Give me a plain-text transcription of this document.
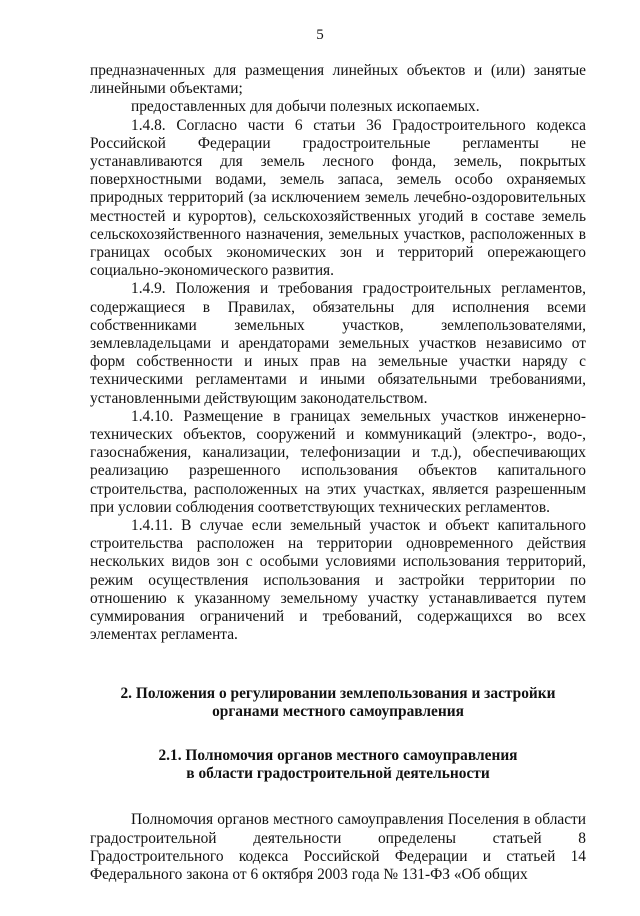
5

предназначенных для размещения линейных объектов и (или) занятые линейными объектами;

предоставленных для добычи полезных ископаемых.

1.4.8. Согласно части 6 статьи 36 Градостроительного кодекса Российской Федерации градостроительные регламенты не устанавливаются для земель лесного фонда, земель, покрытых поверхностными водами, земель запаса, земель особо охраняемых природных территорий (за исключением земель лечебно-оздоровительных местностей и курортов), сельскохозяйственных угодий в составе земель сельскохозяйственного назначения, земельных участков, расположенных в границах особых экономических зон и территорий опережающего социально-экономического развития.

1.4.9. Положения и требования градостроительных регламентов, содержащиеся в Правилах, обязательны для исполнения всеми собственниками земельных участков, землепользователями, землевладельцами и арендаторами земельных участков независимо от форм собственности и иных прав на земельные участки наряду с техническими регламентами и иными обязательными требованиями, установленными действующим законодательством.

1.4.10. Размещение в границах земельных участков инженерно-технических объектов, сооружений и коммуникаций (электро-, водо-, газоснабжения, канализации, телефонизации и т.д.), обеспечивающих реализацию разрешенного использования объектов капитального строительства, расположенных на этих участках, является разрешенным при условии соблюдения соответствующих технических регламентов.

1.4.11. В случае если земельный участок и объект капитального строительства расположен на территории одновременного действия нескольких видов зон с особыми условиями использования территорий, режим осуществления использования и застройки территории по отношению к указанному земельному участку устанавливается путем суммирования ограничений и требований, содержащихся во всех элементах регламента.

2. Положения о регулировании землепользования и застройки

органами местного самоуправления

2.1. Полномочия органов местного самоуправления

в области градостроительной деятельности

Полномочия органов местного самоуправления Поселения в области градостроительной деятельности определены статьей 8 Градостроительного кодекса Российской Федерации и статьей 14 Федерального закона от 6 октября 2003 года № 131-ФЗ «Об общих
